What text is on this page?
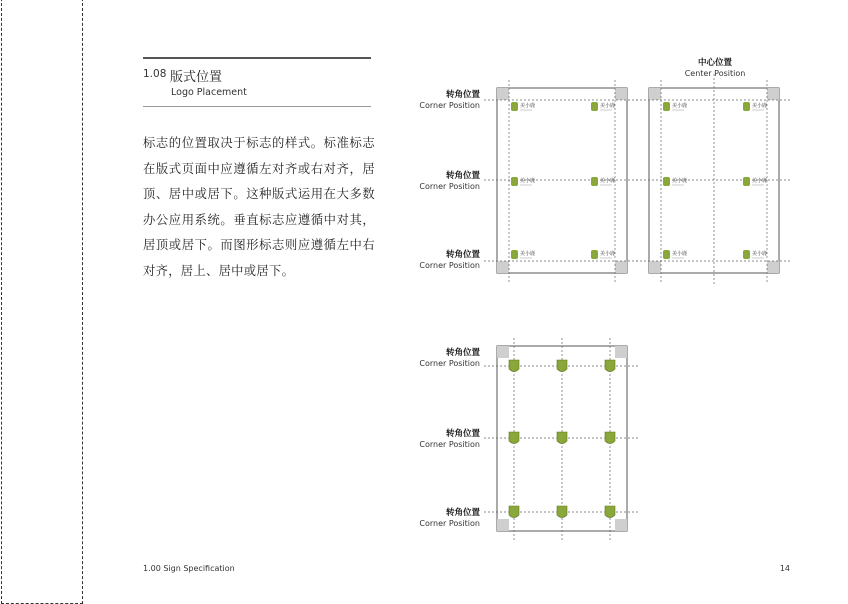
1.08 版式位置
Logo Placement
标志的位置取决于标志的样式。标准标志在版式页面中应遵循左对齐或右对齐，居顶、居中或居下。这种版式运用在大多数办公应用系统。垂直标志应遵循中对其，居顶或居下。而图形标志则应遵循左中右对齐，居上、居中或居下。
中心位置
Center Position
转角位置
Corner Position
转角位置
Corner Position
转角位置
Corner Position
转角位置
Corner Position
转角位置
Corner Position
转角位置
Corner Position
美小鹿	美小鹿
美小鹿	美小鹿
美小鹿	美小鹿
美小鹿	美小鹿
美小鹿	美小鹿
美小鹿	美小鹿
1.00 Sign Specification	14
